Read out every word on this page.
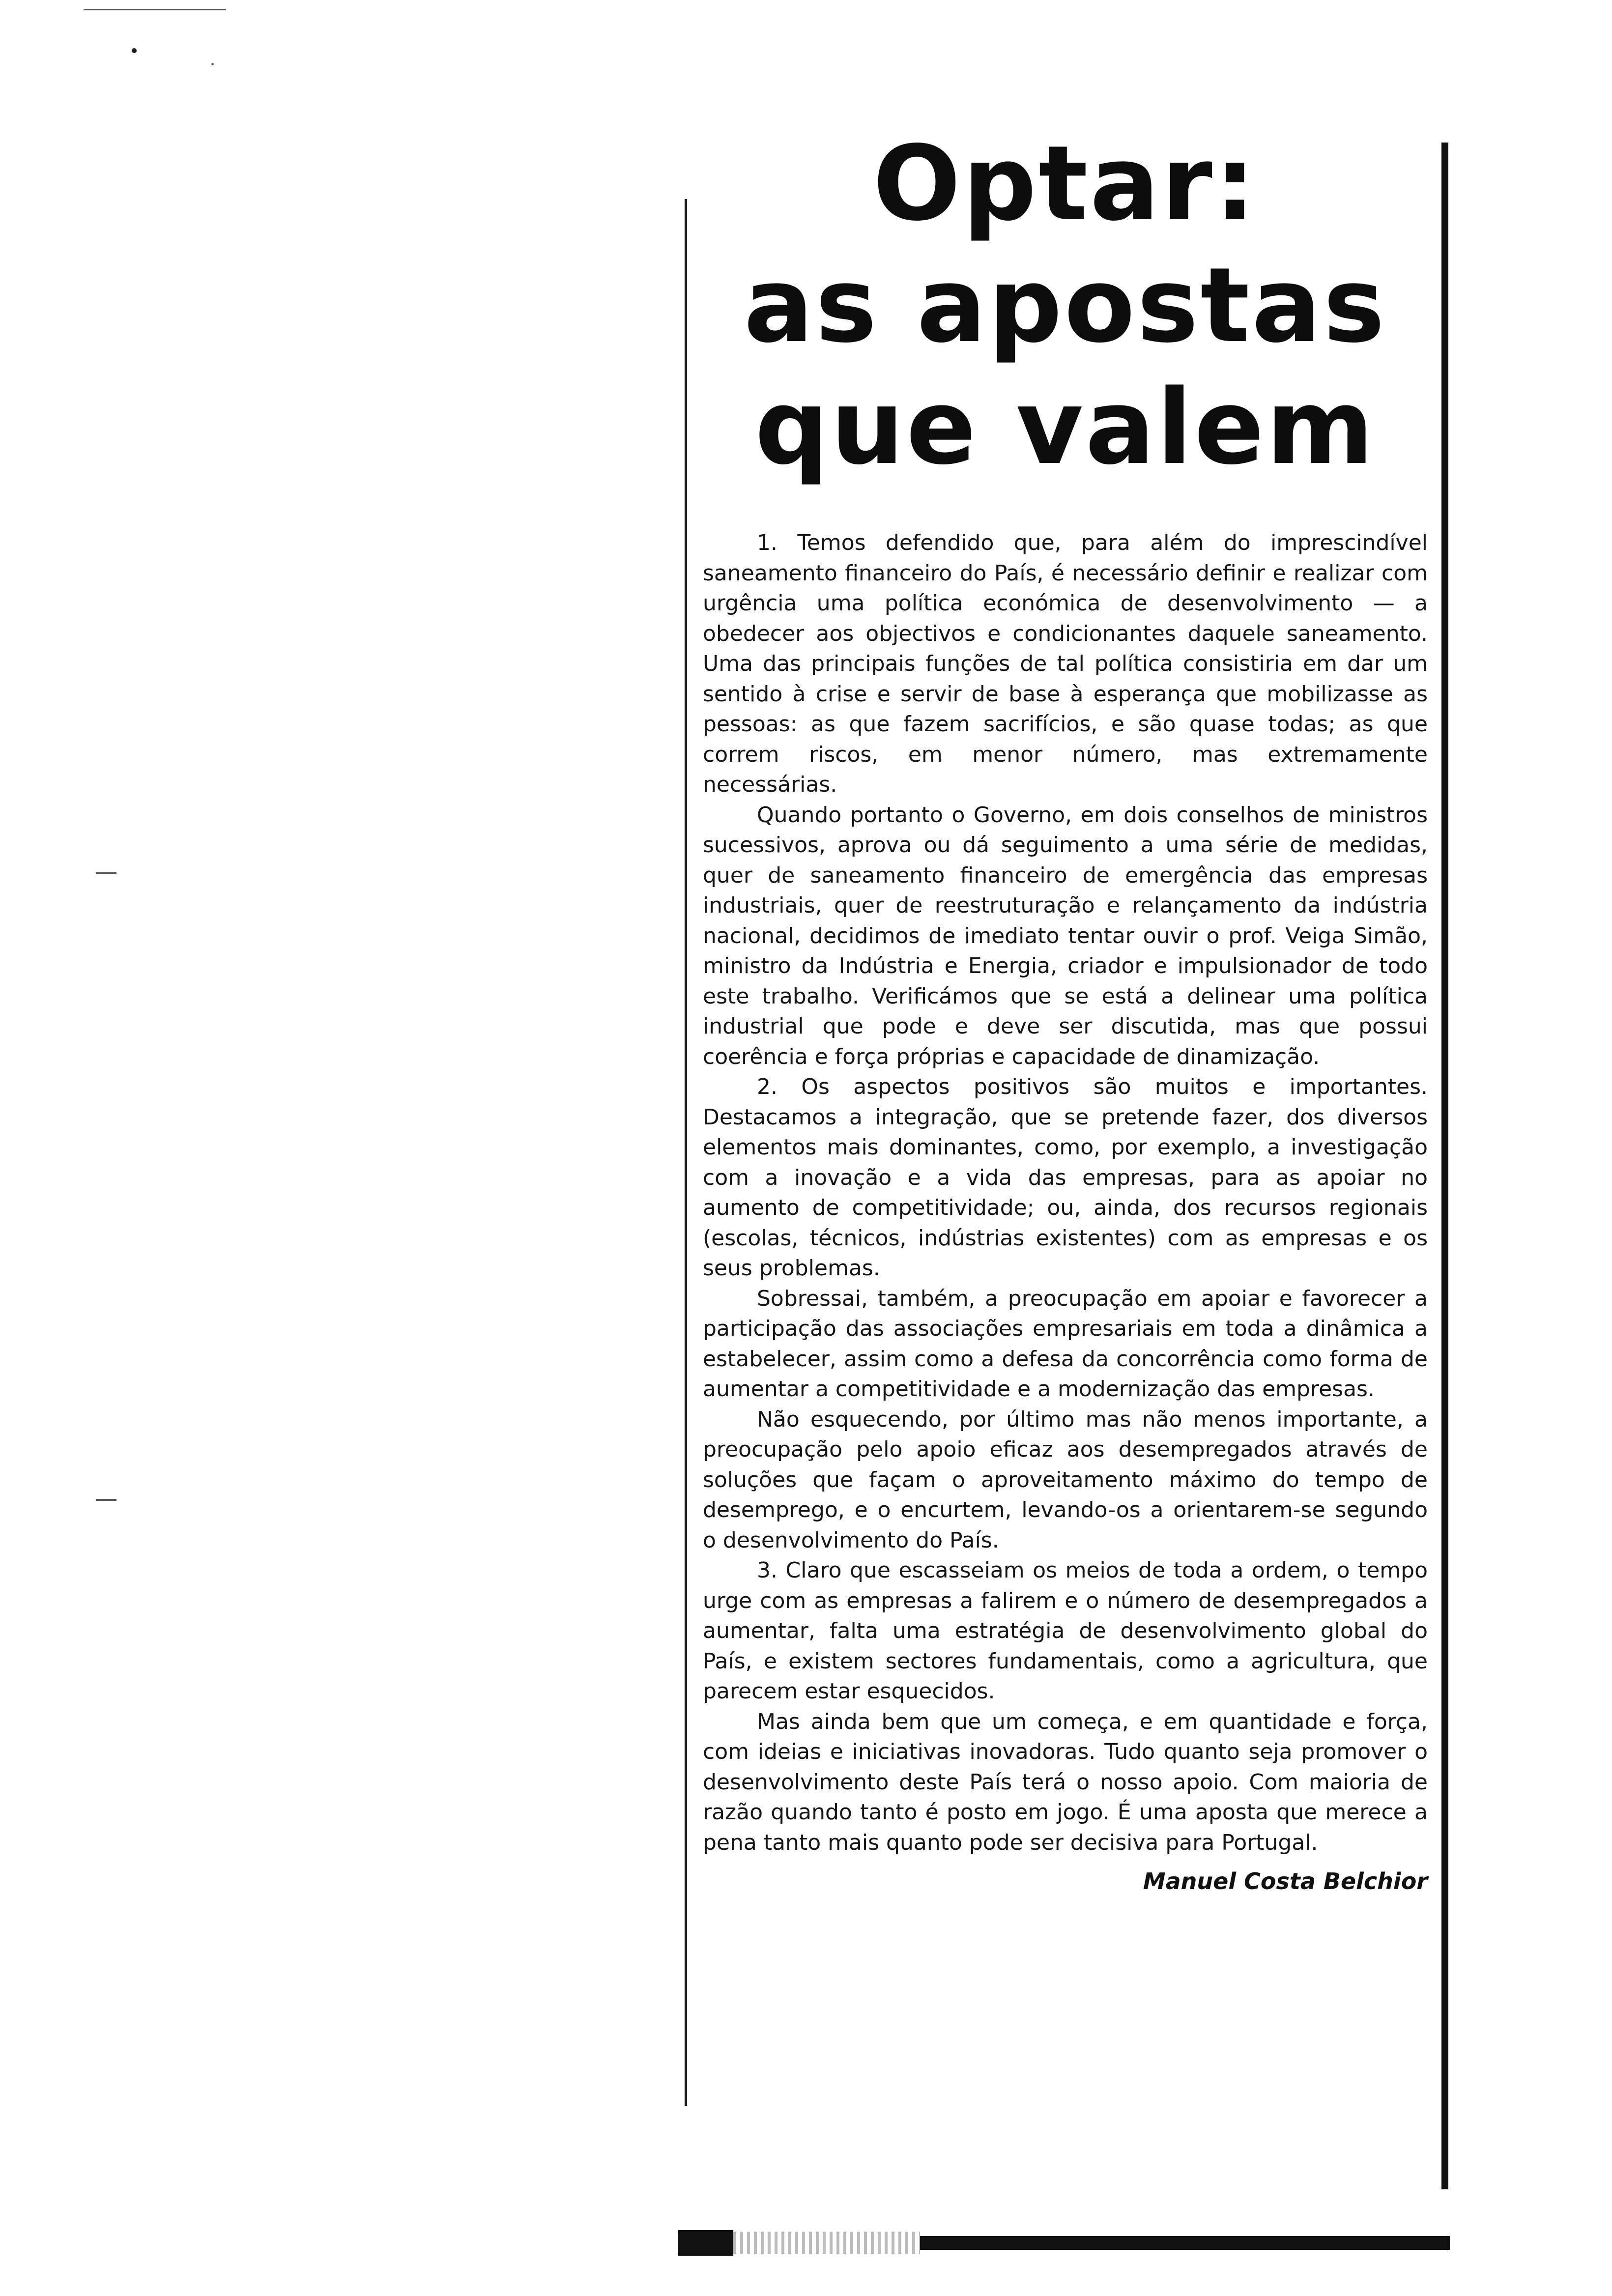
Optar:
as apostas
que valem

1. Temos defendido que, para além do imprescindível saneamento financeiro do País, é necessário definir e realizar com urgência uma política económica de desenvolvimento — a obedecer aos objectivos e condicionantes daquele saneamento. Uma das principais funções de tal política consistiria em dar um sentido à crise e servir de base à esperança que mobilizasse as pessoas: as que fazem sacrifícios, e são quase todas; as que correm riscos, em menor número, mas extremamente necessárias.

Quando portanto o Governo, em dois conselhos de ministros sucessivos, aprova ou dá seguimento a uma série de medidas, quer de saneamento financeiro de emergência das empresas industriais, quer de reestruturação e relançamento da indústria nacional, decidimos de imediato tentar ouvir o prof. Veiga Simão, ministro da Indústria e Energia, criador e impulsionador de todo este trabalho. Verificámos que se está a delinear uma política industrial que pode e deve ser discutida, mas que possui coerência e força próprias e capacidade de dinamização.

2. Os aspectos positivos são muitos e importantes. Destacamos a integração, que se pretende fazer, dos diversos elementos mais dominantes, como, por exemplo, a investigação com a inovação e a vida das empresas, para as apoiar no aumento de competitividade; ou, ainda, dos recursos regionais (escolas, técnicos, indústrias existentes) com as empresas e os seus problemas.

Sobressai, também, a preocupação em apoiar e favorecer a participação das associações empresariais em toda a dinâmica a estabelecer, assim como a defesa da concorrência como forma de aumentar a competitividade e a modernização das empresas.

Não esquecendo, por último mas não menos importante, a preocupação pelo apoio eficaz aos desempregados através de soluções que façam o aproveitamento máximo do tempo de desemprego, e o encurtem, levando-os a orientarem-se segundo o desenvolvimento do País.

3. Claro que escasseiam os meios de toda a ordem, o tempo urge com as empresas a falirem e o número de desempregados a aumentar, falta uma estratégia de desenvolvimento global do País, e existem sectores fundamentais, como a agricultura, que parecem estar esquecidos.

Mas ainda bem que um começa, e em quantidade e força, com ideias e iniciativas inovadoras. Tudo quanto seja promover o desenvolvimento deste País terá o nosso apoio. Com maioria de razão quando tanto é posto em jogo. É uma aposta que merece a pena tanto mais quanto pode ser decisiva para Portugal.

Manuel Costa Belchior
